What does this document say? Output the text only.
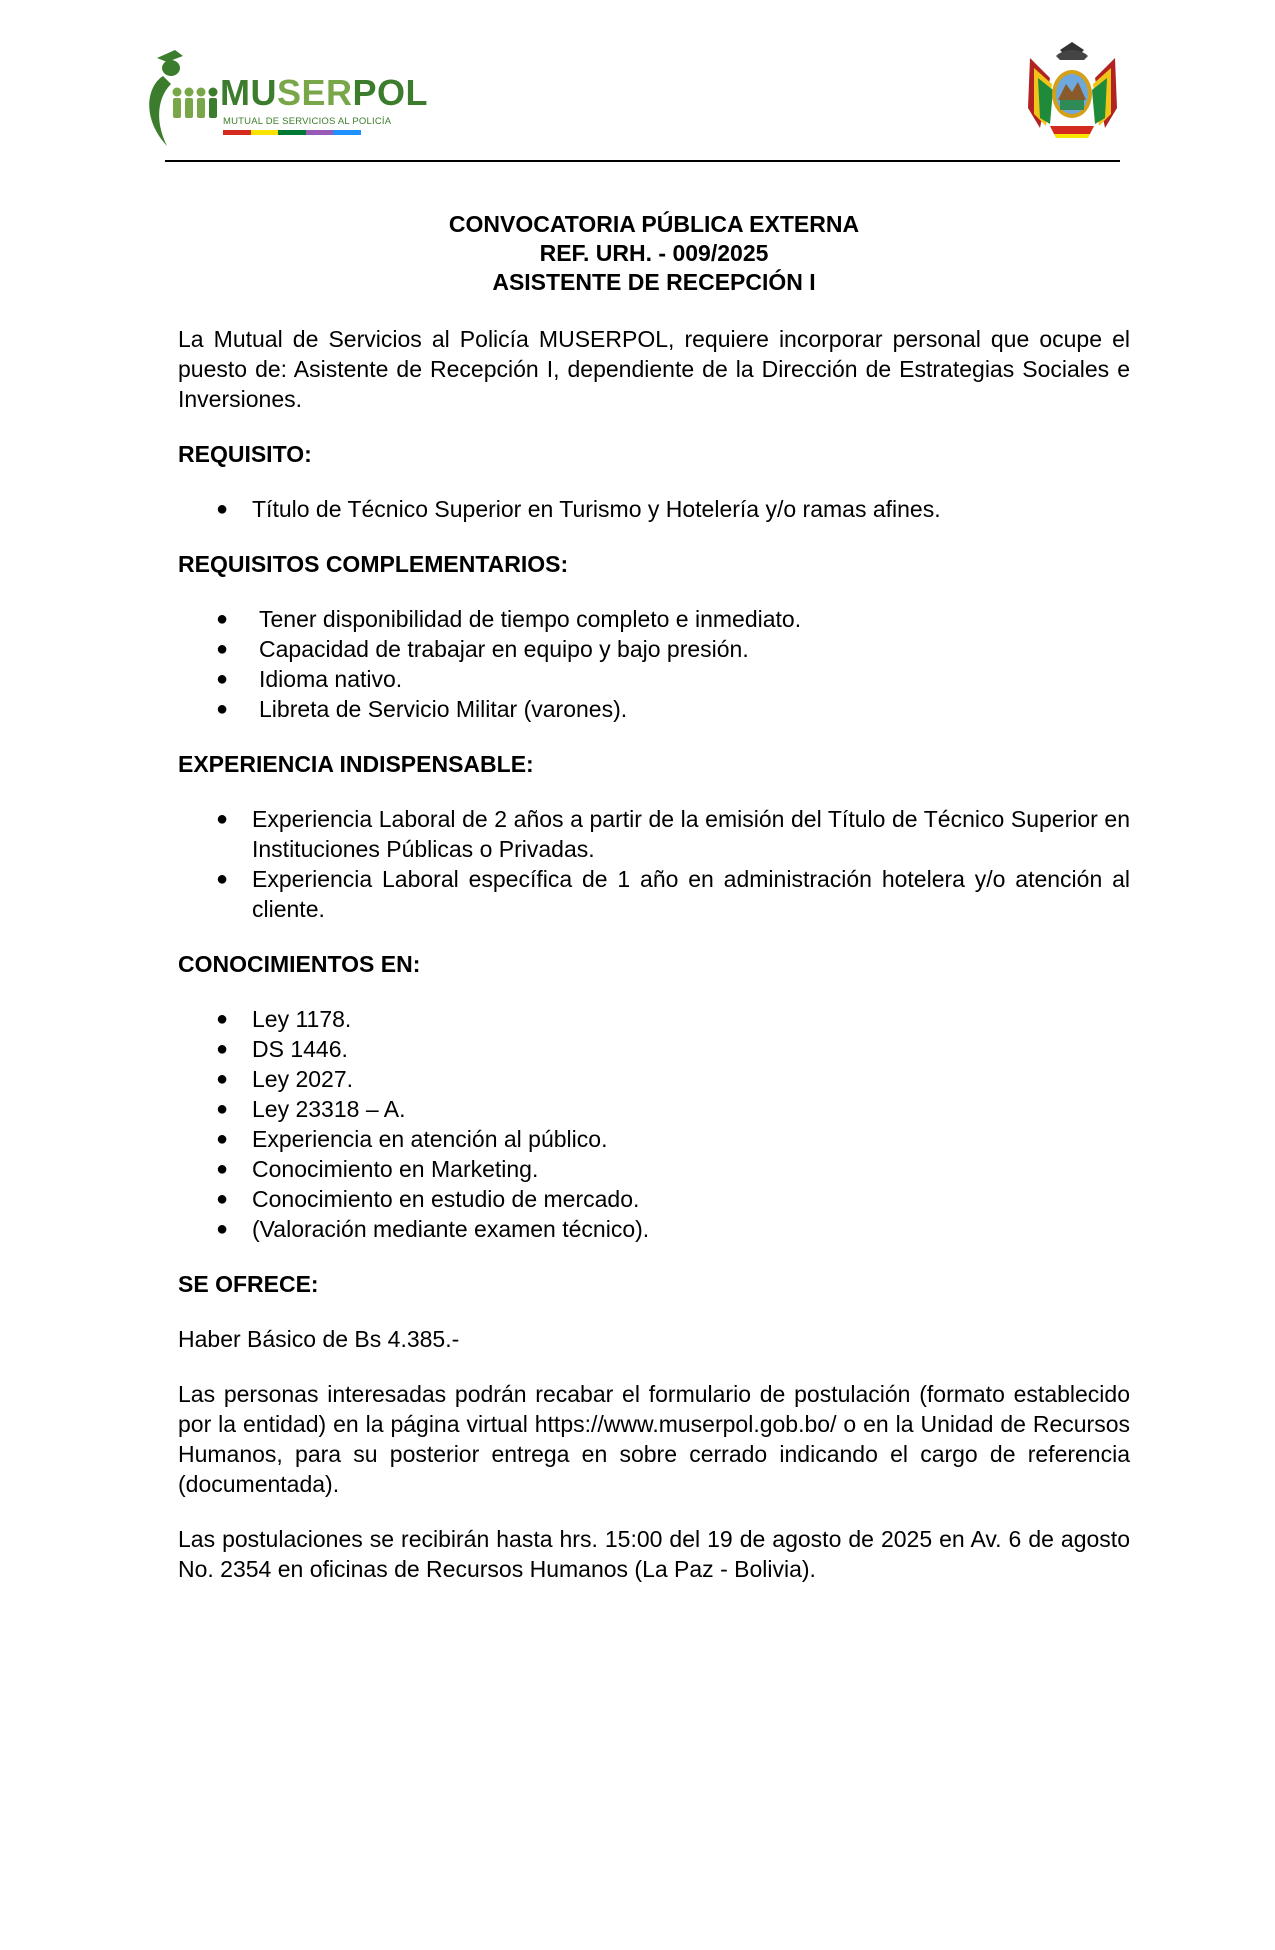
MUSERPOL
MUTUAL DE SERVICIOS AL POLICÍA
CONVOCATORIA PÚBLICA EXTERNA
REF. URH. - 009/2025
ASISTENTE DE RECEPCIÓN I

La Mutual de Servicios al Policía MUSERPOL, requiere incorporar personal que ocupe el puesto de: Asistente de Recepción I, dependiente de la Dirección de Estrategias Sociales e Inversiones.

REQUISITO:
● Título de Técnico Superior en Turismo y Hotelería y/o ramas afines.
REQUISITOS COMPLEMENTARIOS:
● Tener disponibilidad de tiempo completo e inmediato.
● Capacidad de trabajar en equipo y bajo presión.
● Idioma nativo.
● Libreta de Servicio Militar (varones).
EXPERIENCIA INDISPENSABLE:
● Experiencia Laboral de 2 años a partir de la emisión del Título de Técnico Superior en Instituciones Públicas o Privadas.
● Experiencia Laboral específica de 1 año en administración hotelera y/o atención al cliente.
CONOCIMIENTOS EN:
● Ley 1178.
● DS 1446.
● Ley 2027.
● Ley 23318 – A.
● Experiencia en atención al público.
● Conocimiento en Marketing.
● Conocimiento en estudio de mercado.
● (Valoración mediante examen técnico).
SE OFRECE:

Haber Básico de Bs 4.385.-

Las personas interesadas podrán recabar el formulario de postulación (formato establecido por la entidad) en la página virtual https://www.muserpol.gob.bo/ o en la Unidad de Recursos Humanos, para su posterior entrega en sobre cerrado indicando el cargo de referencia (documentada).

Las postulaciones se recibirán hasta hrs. 15:00 del 19 de agosto de 2025 en Av. 6 de agosto No. 2354 en oficinas de Recursos Humanos (La Paz - Bolivia).
